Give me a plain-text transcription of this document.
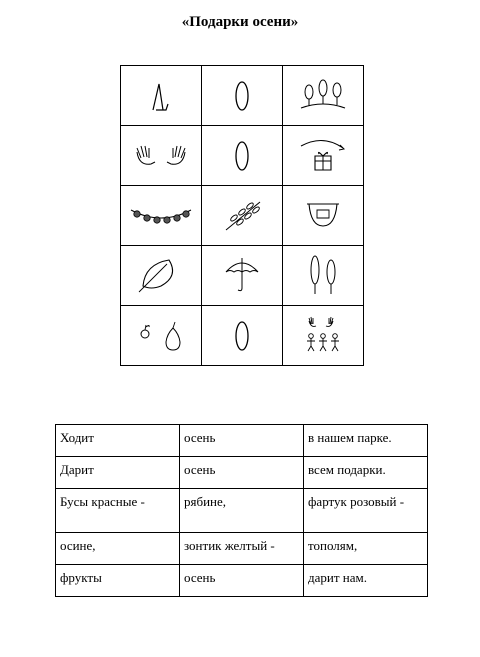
«Подарки осени»

Ходит	осень	в нашем парке.
Дарит	осень	всем подарки.
Бусы красные -	рябине,	фартук розовый -
осине,	зонтик желтый -	тополям,
фрукты	осень	дарит нам.
